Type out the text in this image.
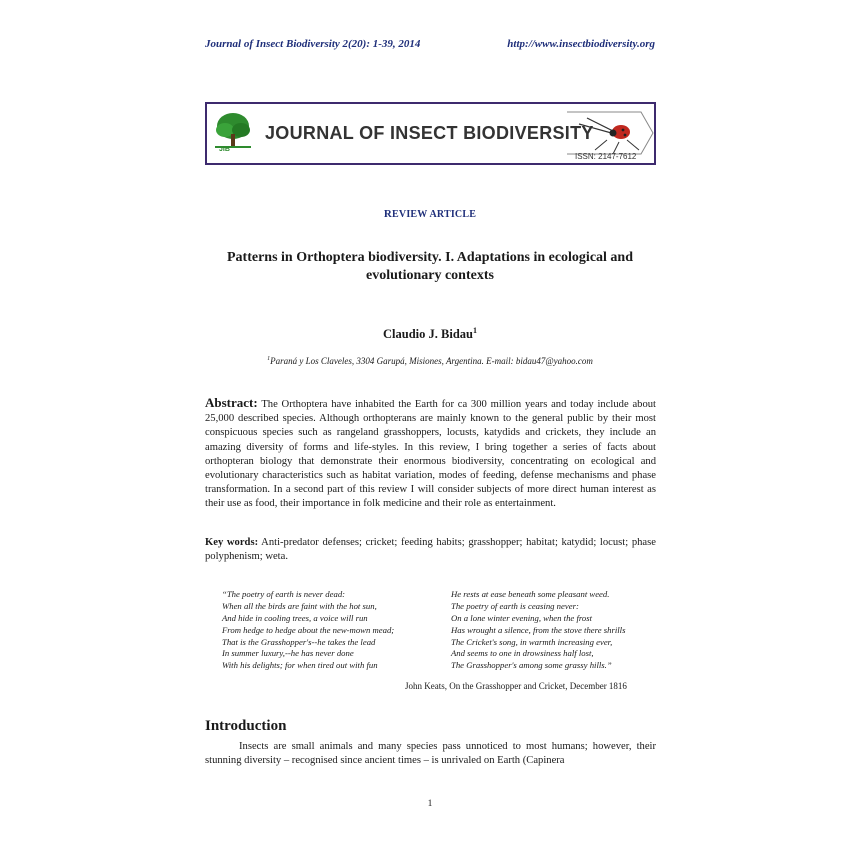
Journal of Insect Biodiversity 2(20): 1-39, 2014	http://www.insectbiodiversity.org
JIB
JOURNAL OF INSECT BIODIVERSITY
ISSN: 2147-7612
REVIEW ARTICLE
Patterns in Orthoptera biodiversity. I. Adaptations in ecological and evolutionary contexts
Claudio J. Bidau$^1$
$^1$Paraná y Los Claveles, 3304 Garupá, Misiones, Argentina. E-mail: bidau47@yahoo.com
Abstract: The Orthoptera have inhabited the Earth for ca 300 million years and today include about 25,000 described species. Although orthopterans are mainly known to the general public by their most conspicuous species such as rangeland grasshoppers, locusts, katydids and crickets, they include an amazing diversity of forms and life-styles. In this review, I bring together a series of facts about orthopteran biology that demonstrate their enormous biodiversity, concentrating on ecological and evolutionary characteristics such as habitat variation, modes of feeding, defense mechanisms and phase transformation. In a second part of this review I will consider subjects of more direct human interest as their use as food, their importance in folk medicine and their role as entertainment.
Key words: Anti-predator defenses; cricket; feeding habits; grasshopper; habitat; katydid; locust; phase polyphenism; weta.
“The poetry of earth is never dead:
When all the birds are faint with the hot sun,
And hide in cooling trees, a voice will run
From hedge to hedge about the new-mown mead;
That is the Grasshopper's--he takes the lead
In summer luxury,--he has never done
With his delights; for when tired out with fun
He rests at ease beneath some pleasant weed.
The poetry of earth is ceasing never:
On a lone winter evening, when the frost
Has wrought a silence, from the stove there shrills
The Cricket's song, in warmth increasing ever,
And seems to one in drowsiness half lost,
The Grasshopper's among some grassy hills.”
John Keats, On the Grasshopper and Cricket, December 1816
Introduction
Insects are small animals and many species pass unnoticed to most humans; however, their stunning diversity – recognised since ancient times – is unrivaled on Earth (Capinera
1
